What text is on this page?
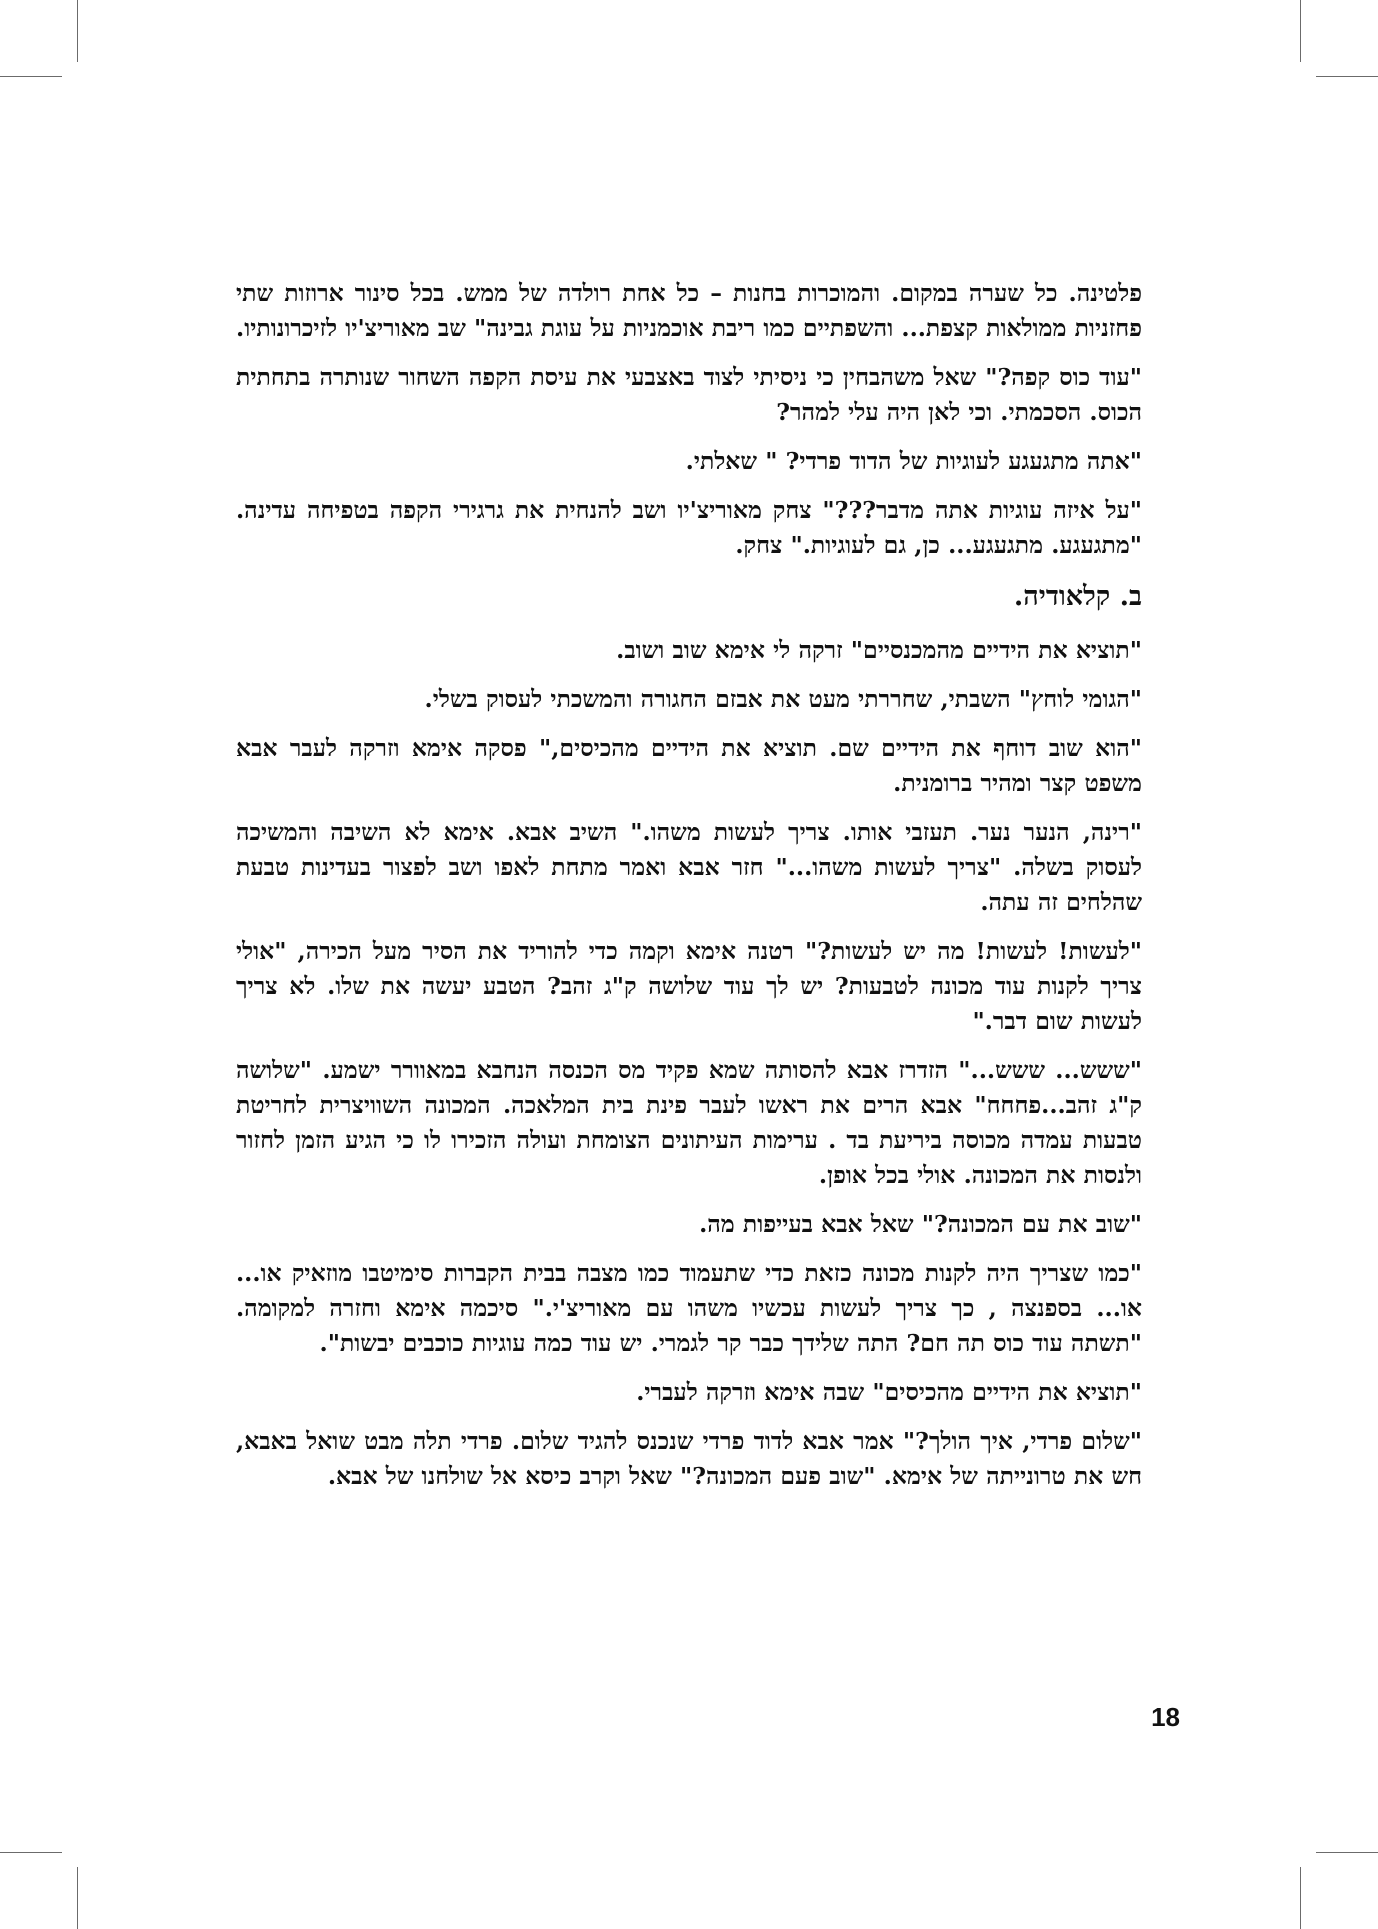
פלטינה. כל שערה במקום. והמוכרות בחנות – כל אחת רולדה של ממש. בכל סינור ארוזות שתי פחזניות ממולאות קצפת... והשפתיים כמו ריבת אוכמניות על עוגת גבינה" שב מאוריצ'יו לזיכרונותיו.

"עוד כוס קפה?" שאל משהבחין כי ניסיתי לצוד באצבעי את עיסת הקפה השחור שנותרה בתחתית הכוס. הסכמתי. וכי לאן היה עלי למהר?

"אתה מתגעגע לעוגיות של הדוד פרדי? " שאלתי.

"על איזה עוגיות אתה מדבר???" צחק מאוריצ'יו ושב להנחית את גרגירי הקפה בטפיחה עדינה. "מתגעגע. מתגעגע... כן, גם לעוגיות." צחק.

ב. קלאודיה.

"תוציא את הידיים מהמכנסיים" זרקה לי אימא שוב ושוב.

"הגומי לוחץ" השבתי, שחררתי מעט את אבזם החגורה והמשכתי לעסוק בשלי.

"הוא שוב דוחף את הידיים שם. תוציא את הידיים מהכיסים," פסקה אימא וזרקה לעבר אבא משפט קצר ומהיר ברומנית.

"רינה, הנער נער. תעזבי אותו. צריך לעשות משהו." השיב אבא. אימא לא השיבה והמשיכה לעסוק בשלה. "צריך לעשות משהו..." חזר אבא ואמר מתחת לאפו ושב לפצור בעדינות טבעת שהלחים זה עתה.

"לעשות! לעשות! מה יש לעשות?" רטנה אימא וקמה כדי להוריד את הסיר מעל הכירה, "אולי צריך לקנות עוד מכונה לטבעות? יש לך עוד שלושה ק"ג זהב? הטבע יעשה את שלו. לא צריך לעשות שום דבר."

"ששש... ששש..." הזדרז אבא להסותה שמא פקיד מס הכנסה הנחבא במאוורר ישמע. "שלושה ק"ג זהב...פחחח" אבא הרים את ראשו לעבר פינת בית המלאכה. המכונה השוויצרית לחריטת טבעות עמדה מכוסה ביריעת בד . ערימות העיתונים הצומחת ועולה הזכירו לו כי הגיע הזמן לחזור ולנסות את המכונה. אולי בכל אופן.

"שוב את עם המכונה?" שאל אבא בעייפות מה.

"כמו שצריך היה לקנות מכונה כזאת כדי שתעמוד כמו מצבה בבית הקברות סימיטבו מוזאיק או... או... בספנצה , כך צריך לעשות עכשיו משהו עם מאוריצ'י." סיכמה אימא וחזרה למקומה. "תשתה עוד כוס תה חם? התה שלידך כבר קר לגמרי. יש עוד כמה עוגיות כוכבים יבשות".

"תוציא את הידיים מהכיסים" שבה אימא וזרקה לעברי.

"שלום פרדי, איך הולך?" אמר אבא לדוד פרדי שנכנס להגיד שלום. פרדי תלה מבט שואל באבא, חש את טרונייתה של אימא. "שוב פעם המכונה?" שאל וקרב כיסא אל שולחנו של אבא.

18
